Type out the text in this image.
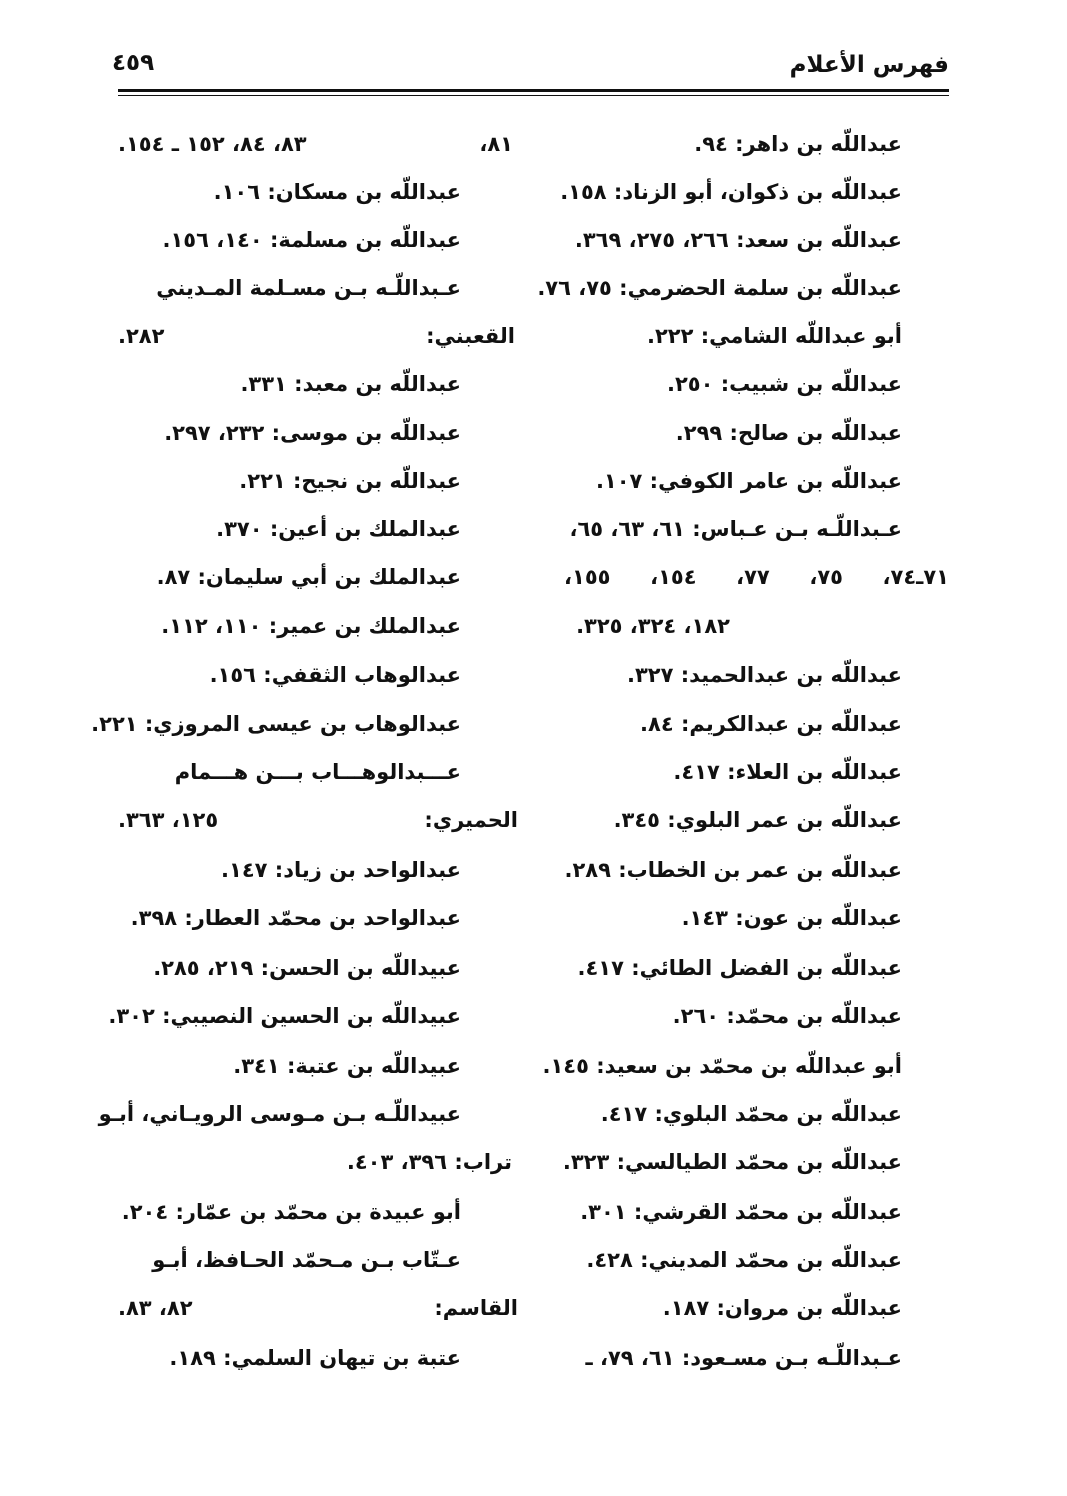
فهرس الأعلام
٤٥٩
عبداللّه بن داهر: ٩٤.
عبداللّه بن ذكوان، أبو الزناد: ١٥٨.
عبداللّه بن سعد: ٢٦٦، ٢٧٥، ٣٦٩.
عبداللّه بن سلمة الحضرمي: ٧٥، ٧٦.
أبو عبداللّه الشامي: ٢٢٢.
عبداللّه بن شبيب: ٢٥٠.
عبداللّه بن صالح: ٢٩٩.
عبداللّه بن عامر الكوفي: ١٠٧.
عـبداللّـه بـن عـباس: ٦١، ٦٣، ٦٥،
٧١ـ٧٤،
٧٥،
٧٧،
١٥٤،
١٥٥،
١٨٢، ٣٢٤، ٣٢٥.
عبداللّه بن عبدالحميد: ٣٢٧.
عبداللّه بن عبدالكريم: ٨٤.
عبداللّه بن العلاء: ٤١٧.
عبداللّه بن عمر البلوي: ٣٤٥.
عبداللّه بن عمر بن الخطاب: ٢٨٩.
عبداللّه بن عون: ١٤٣.
عبداللّه بن الفضل الطائي: ٤١٧.
عبداللّه بن محمّد: ٢٦٠.
أبو عبداللّه بن محمّد بن سعيد: ١٤٥.
عبداللّه بن محمّد البلوي: ٤١٧.
عبداللّه بن محمّد الطيالسي: ٣٢٣.
عبداللّه بن محمّد القرشي: ٣٠١.
عبداللّه بن محمّد المديني: ٤٢٨.
عبداللّه بن مروان: ١٨٧.
عـبداللّـه بـن مسـعود: ٦١، ٧٩، ـ
٨١،
٨٣، ٨٤، ١٥٢ ـ ١٥٤.
عبداللّه بن مسكان: ١٠٦.
عبداللّه بن مسلمة: ١٤٠، ١٥٦.
عـبداللّـه بـن مسـلمة المـديني
القعبني:
٢٨٢.
عبداللّه بن معبد: ٣٣١.
عبداللّه بن موسى: ٢٣٢، ٢٩٧.
عبداللّه بن نجيح: ٢٢١.
عبدالملك بن أعين: ٣٧٠.
عبدالملك بن أبي سليمان: ٨٧.
عبدالملك بن عمير: ١١٠، ١١٢.
عبدالوهاب الثقفي: ١٥٦.
عبدالوهاب بن عيسى المروزي: ٢٢١.
عـــبدالوهـــاب بـــن هـــمام
الحميري:
١٢٥، ٣٦٣.
عبدالواحد بن زياد: ١٤٧.
عبدالواحد بن محمّد العطار: ٣٩٨.
عبيداللّه بن الحسن: ٢١٩، ٢٨٥.
عبيداللّه بن الحسين النصيبي: ٣٠٢.
عبيداللّه بن عتبة: ٣٤١.
عبيداللّـه بـن مـوسى الرويـاني، أبـو
تراب: ٣٩٦، ٤٠٣.
أبو عبيدة بن محمّد بن عمّار: ٢٠٤.
عـتّاب بـن مـحمّد الحـافظ، أبـو
القاسم:
٨٢، ٨٣.
عتبة بن تيهان السلمي: ١٨٩.
